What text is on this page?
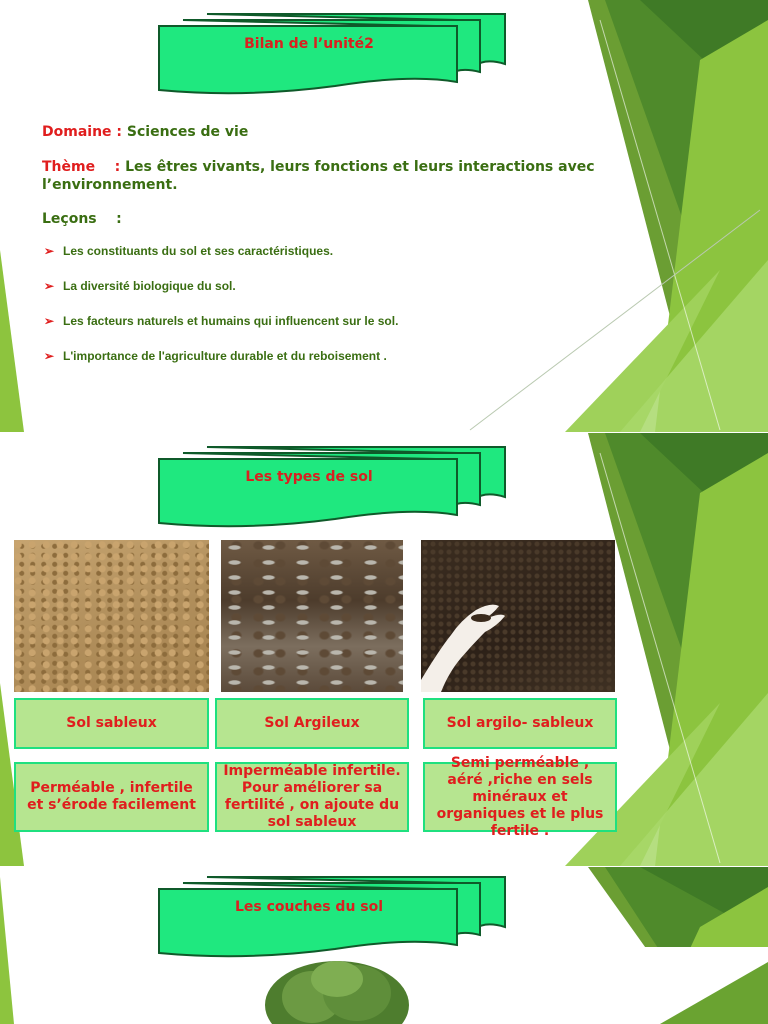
Bilan de l’unité2
Domaine : Sciences de vie
Thème    : Les êtres vivants, leurs fonctions et leurs interactions avec l’environnement.
Leçons    :
➢ Les constituants du sol et ses caractéristiques.
➢ La diversité biologique du sol.
➢ Les facteurs naturels et humains qui influencent sur le sol.
➢ L'importance de l'agriculture durable et du reboisement .
Les types de sol
Sol sableux	Sol Argileux	Sol argilo- sableux
Perméable , infertile et s’érode facilement
Imperméable infertile. Pour améliorer sa fertilité , on ajoute du sol sableux
Semi perméable , aéré ,riche en sels minéraux et organiques et le plus fertile .
Les couches du sol
